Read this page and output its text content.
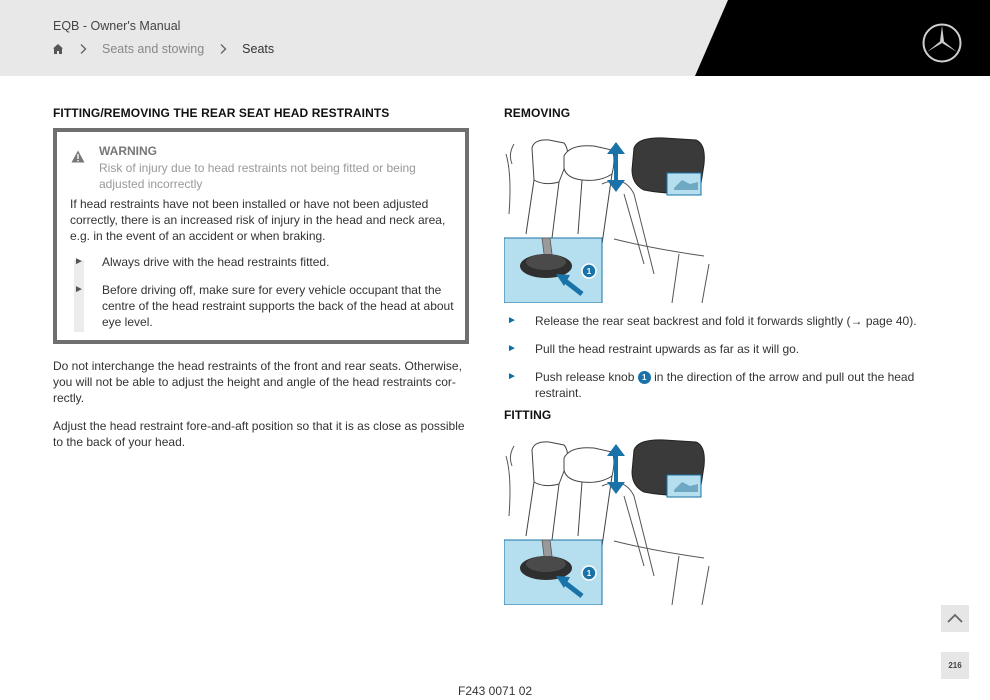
EQB - Owner's Manual
Seats and stowing	Seats
FITTING/REMOVING THE REAR SEAT HEAD RESTRAINTS
WARNING
Risk of injury due to head restraints not being fitted or being adjusted incorrectly
If head restraints have not been installed or have not been adjusted correctly, there is an increased risk of injury in the head and neck area, e.g. in the event of an accident or when braking.
► Always drive with the head restraints fitted.
► Before driving off, make sure for every vehicle occupant that the centre of the head restraint supports the back of the head at about eye level.
Do not interchange the head restraints of the front and rear seats. Otherwise, you will not be able to adjust the height and angle of the head restraints cor-rectly.
Adjust the head restraint fore-and-aft position so that it is as close as possible to the back of your head.
REMOVING
1
► Release the rear seat backrest and fold it forwards slightly (→ page 40).
► Pull the head restraint upwards as far as it will go.
► Push release knob 1 in the direction of the arrow and pull out the head restraint.
FITTING
1
216
F243 0071 02
